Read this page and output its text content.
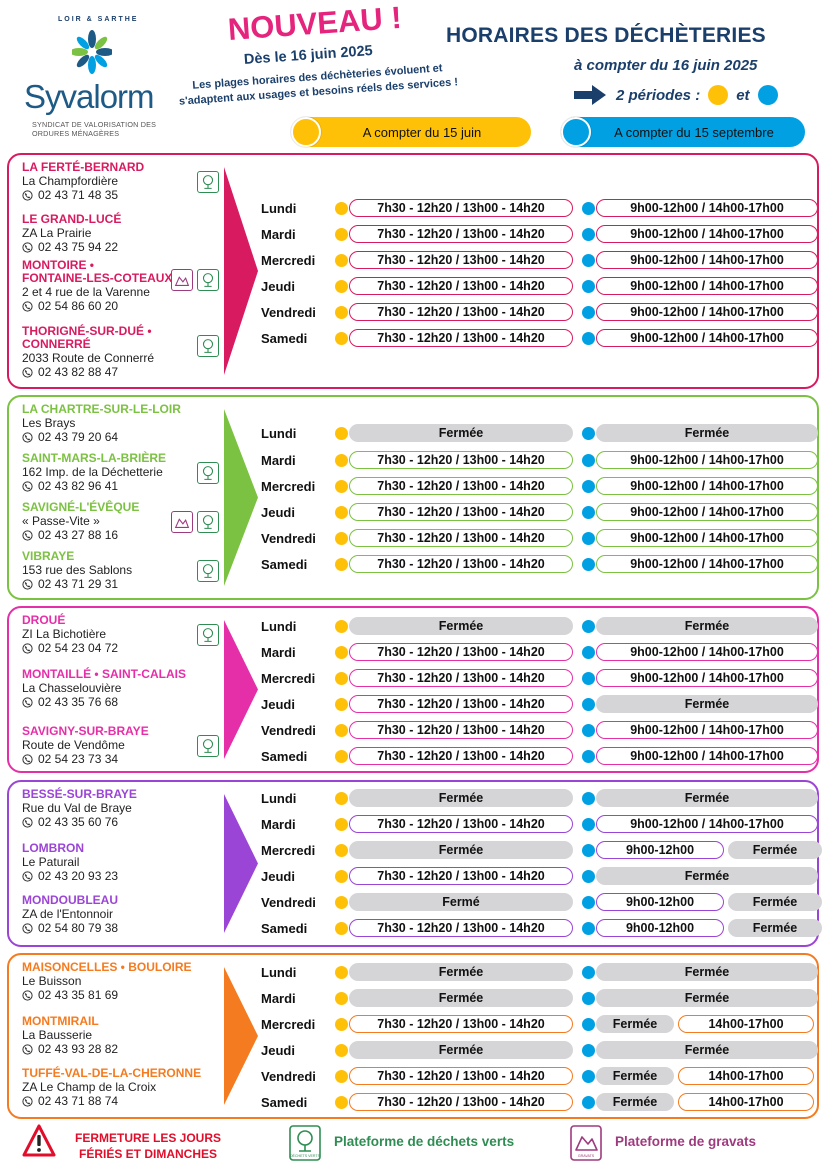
LOIR & SARTHE
Syvalorm
SYNDICAT DE VALORISATION DES ORDURES MÉNAGÈRES
NOUVEAU !
Dès le 16 juin 2025
Les plages horaires des déchèteries évoluent et s'adaptent aux usages et besoins réels des services !
HORAIRES DES DÉCHÈTERIES
à compter du 16 juin 2025
2 périodes : et
A compter du 15 juin	A compter du 15 septembre
LA FERTÉ-BERNARD
La Champfordière
02 43 71 48 35
LE GRAND-LUCÉ
ZA La Prairie
02 43 75 94 22
MONTOIRE •
FONTAINE-LES-COTEAUX
2 et 4 rue de la Varenne
02 54 86 60 20
THORIGNÉ-SUR-DUÉ •
CONNERRÉ
2033 Route de Connerré
02 43 82 88 47
Lundi	7h30 - 12h20 / 13h00 - 14h20	9h00-12h00 / 14h00-17h00
Mardi	7h30 - 12h20 / 13h00 - 14h20	9h00-12h00 / 14h00-17h00
Mercredi	7h30 - 12h20 / 13h00 - 14h20	9h00-12h00 / 14h00-17h00
Jeudi	7h30 - 12h20 / 13h00 - 14h20	9h00-12h00 / 14h00-17h00
Vendredi	7h30 - 12h20 / 13h00 - 14h20	9h00-12h00 / 14h00-17h00
Samedi	7h30 - 12h20 / 13h00 - 14h20	9h00-12h00 / 14h00-17h00
LA CHARTRE-SUR-LE-LOIR
Les Brays
02 43 79 20 64
SAINT-MARS-LA-BRIÈRE
162 Imp. de la Déchetterie
02 43 82 96 41
SAVIGNÉ-L'ÉVÊQUE
« Passe-Vite »
02 43 27 88 16
VIBRAYE
153 rue des Sablons
02 43 71 29 31
Lundi	Fermée	Fermée
Mardi	7h30 - 12h20 / 13h00 - 14h20	9h00-12h00 / 14h00-17h00
Mercredi	7h30 - 12h20 / 13h00 - 14h20	9h00-12h00 / 14h00-17h00
Jeudi	7h30 - 12h20 / 13h00 - 14h20	9h00-12h00 / 14h00-17h00
Vendredi	7h30 - 12h20 / 13h00 - 14h20	9h00-12h00 / 14h00-17h00
Samedi	7h30 - 12h20 / 13h00 - 14h20	9h00-12h00 / 14h00-17h00
DROUÉ
ZI La Bichotière
02 54 23 04 72
MONTAILLÉ • SAINT-CALAIS
La Chasselouvière
02 43 35 76 68
SAVIGNY-SUR-BRAYE
Route de Vendôme
02 54 23 73 34
Lundi	Fermée	Fermée
Mardi	7h30 - 12h20 / 13h00 - 14h20	9h00-12h00 / 14h00-17h00
Mercredi	7h30 - 12h20 / 13h00 - 14h20	9h00-12h00 / 14h00-17h00
Jeudi	7h30 - 12h20 / 13h00 - 14h20	Fermée
Vendredi	7h30 - 12h20 / 13h00 - 14h20	9h00-12h00 / 14h00-17h00
Samedi	7h30 - 12h20 / 13h00 - 14h20	9h00-12h00 / 14h00-17h00
BESSÉ-SUR-BRAYE
Rue du Val de Braye
02 43 35 60 76
LOMBRON
Le Paturail
02 43 20 93 23
MONDOUBLEAU
ZA de l'Entonnoir
02 54 80 79 38
Lundi	Fermée	Fermée
Mardi	7h30 - 12h20 / 13h00 - 14h20	9h00-12h00 / 14h00-17h00
Mercredi	Fermée	9h00-12h00	Fermée
Jeudi	7h30 - 12h20 / 13h00 - 14h20	Fermée
Vendredi	Fermé	9h00-12h00	Fermée
Samedi	7h30 - 12h20 / 13h00 - 14h20	9h00-12h00	Fermée
MAISONCELLES • BOULOIRE
Le Buisson
02 43 35 81 69
MONTMIRAIL
La Bausserie
02 43 93 28 82
TUFFÉ-VAL-DE-LA-CHERONNE
ZA Le Champ de la Croix
02 43 71 88 74
Lundi	Fermée	Fermée
Mardi	Fermée	Fermée
Mercredi	7h30 - 12h20 / 13h00 - 14h20	Fermée	14h00-17h00
Jeudi	Fermée	Fermée
Vendredi	7h30 - 12h20 / 13h00 - 14h20	Fermée	14h00-17h00
Samedi	7h30 - 12h20 / 13h00 - 14h20	Fermée	14h00-17h00
FERMETURE LES JOURS FÉRIÉS ET DIMANCHES	DÉCHETS VERTS
Plateforme de déchets verts
GRAVATS
Plateforme de gravats
